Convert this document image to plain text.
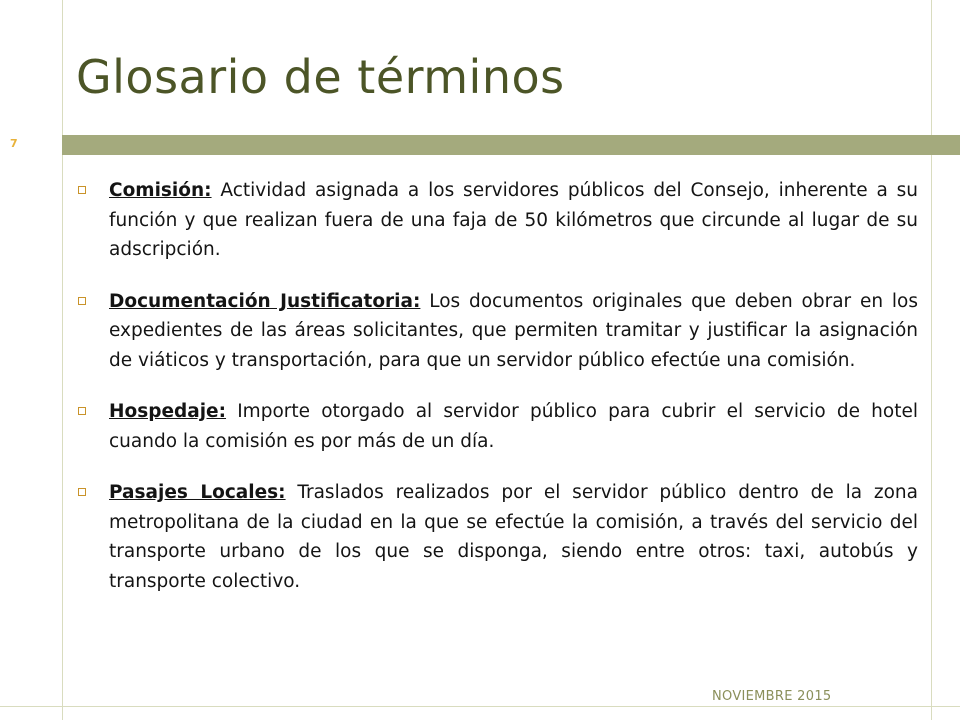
Glosario de términos
7
Comisión: Actividad asignada a los servidores públicos del Consejo, inherente a su función y que realizan fuera de una faja de 50 kilómetros que circunde al lugar de su adscripción.
Documentación Justificatoria: Los documentos originales que deben obrar en los expedientes de las áreas solicitantes, que permiten tramitar y justificar la asignación de viáticos y transportación, para que un servidor público efectúe una comisión.
Hospedaje: Importe otorgado al servidor público para cubrir el servicio de hotel cuando la comisión es por más de un día.
Pasajes Locales: Traslados realizados por el servidor público dentro de la zona metropolitana de la ciudad en la que se efectúe la comisión, a través del servicio del transporte urbano de los que se disponga, siendo entre otros: taxi, autobús y transporte colectivo.
NOVIEMBRE 2015
